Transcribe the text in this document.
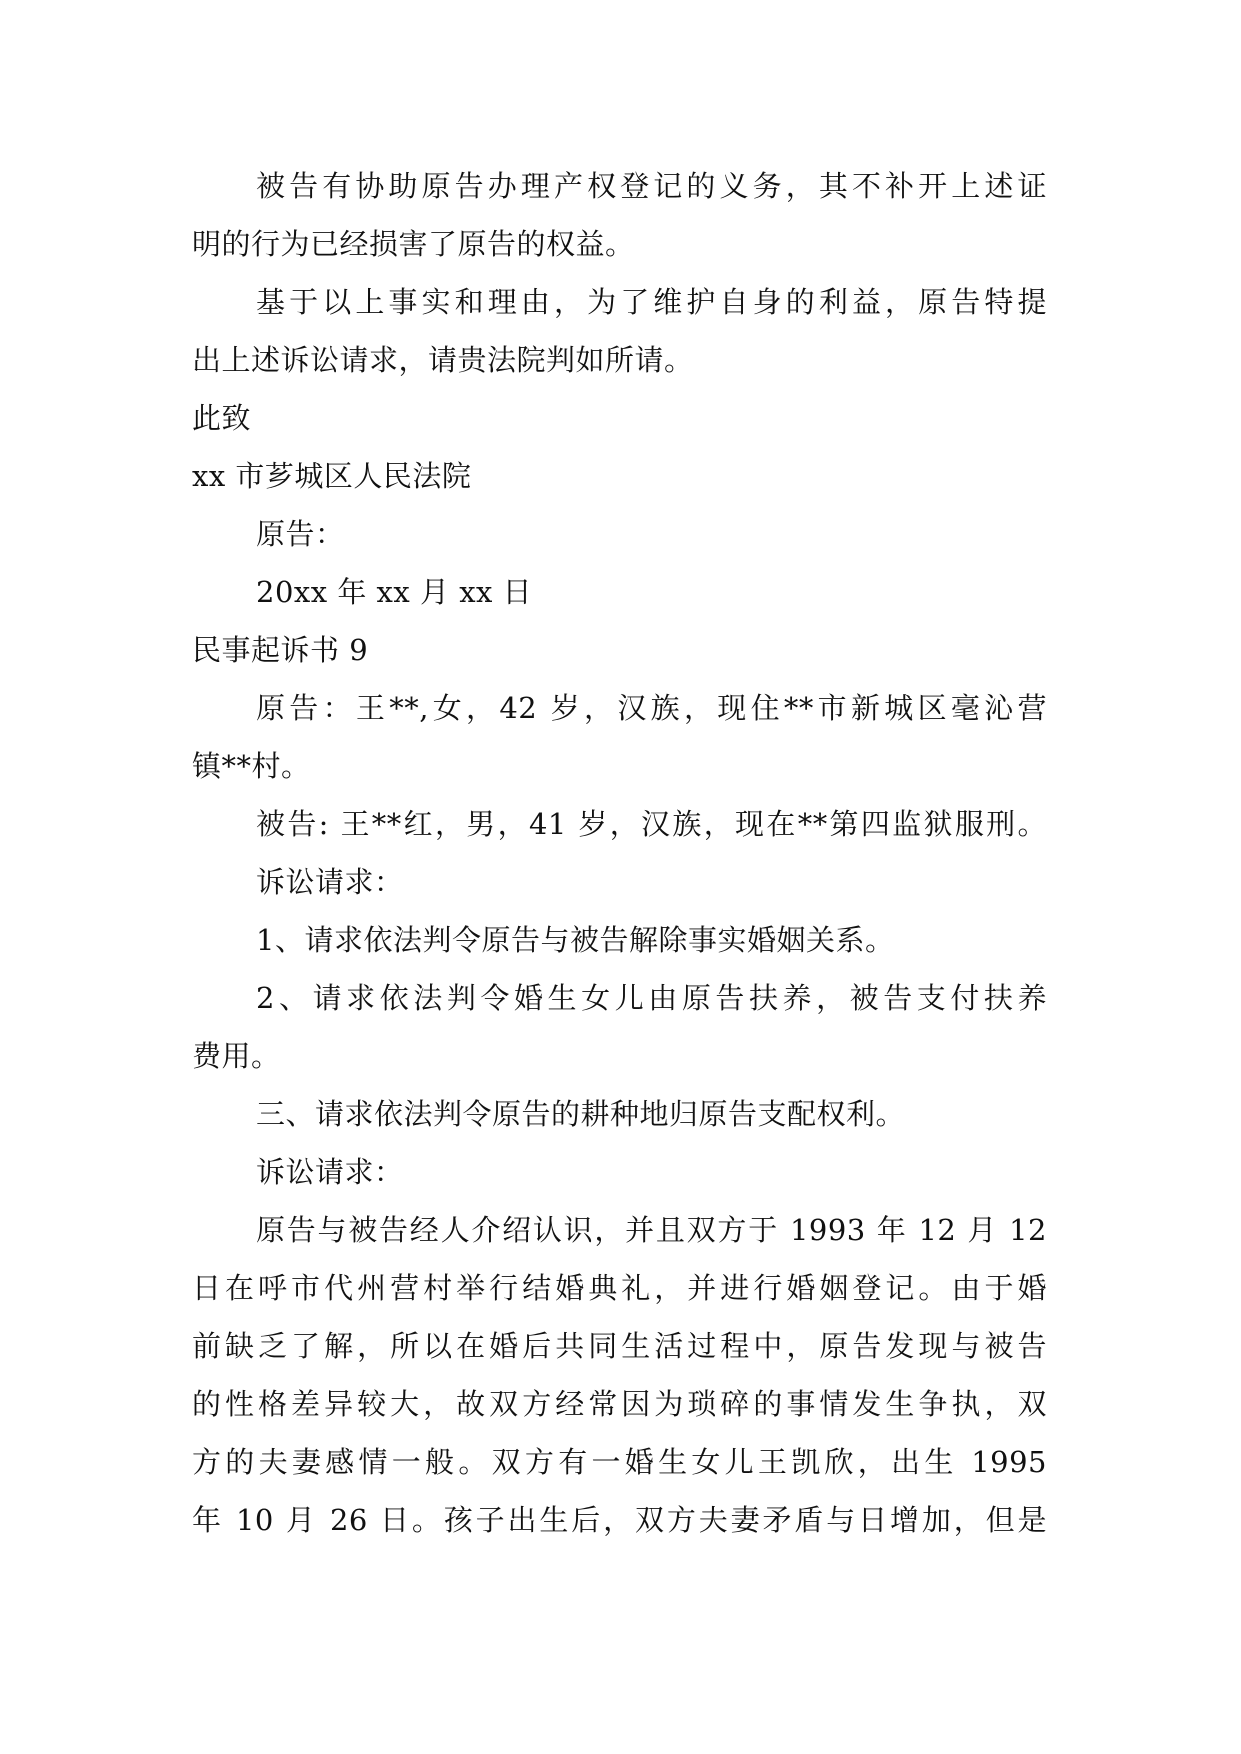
被告有协助原告办理产权登记的义务，其不补开上述证
明的行为已经损害了原告的权益。
基于以上事实和理由，为了维护自身的利益，原告特提
出上述诉讼请求，请贵法院判如所请。
此致
xx 市芗城区人民法院
原告：
20xx 年 xx 月 xx 日
民事起诉书 9
原告：王**,女，42 岁，汉族，现住**市新城区毫沁营
镇**村。
被告: 王**红，男，41 岁，汉族，现在**第四监狱服刑。
诉讼请求：
1、请求依法判令原告与被告解除事实婚姻关系。
2、请求依法判令婚生女儿由原告扶养，被告支付扶养
费用。
三、请求依法判令原告的耕种地归原告支配权利。
诉讼请求：
原告与被告经人介绍认识，并且双方于 1993 年 12 月 12
日在呼市代州营村举行结婚典礼，并进行婚姻登记。由于婚
前缺乏了解，所以在婚后共同生活过程中，原告发现与被告
的性格差异较大，故双方经常因为琐碎的事情发生争执，双
方的夫妻感情一般。双方有一婚生女儿王凯欣，出生 1995
年 10 月 26 日。孩子出生后，双方夫妻矛盾与日增加，但是
